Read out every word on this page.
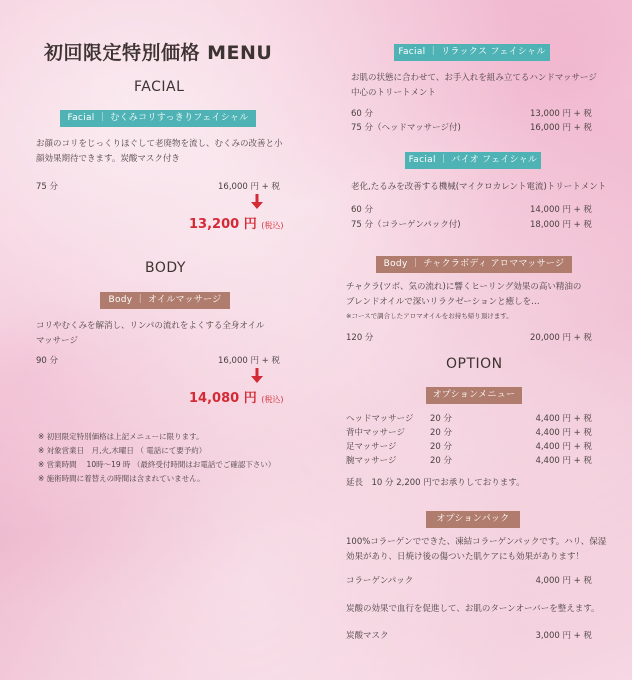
初回限定特別価格 MENU
FACIAL
Facial ｜ むくみコリすっきりフェイシャル
お顔のコリをじっくりほぐして老廃物を流し、むくみの改善と小
顔効果期待できます。炭酸マスク付き
75 分	16,000 円 + 税
13,200 円 (税込)
BODY
Body ｜ オイルマッサージ
コリやむくみを解消し、リンパの流れをよくする全身オイル
マッサージ
90 分	16,000 円 + 税
14,080 円 (税込)
※ 初回限定特別価格は上記メニューに限ります。
※ 対象営業日　月,火,木曜日 （ 電話にて要予約）
※ 営業時間　 10時～19 時 （最終受付時間はお電話でご確認下さい）
※ 施術時間に着替えの時間は含まれていません。
Facial ｜ リラックス フェイシャル
お肌の状態に合わせて、お手入れを組み立てるハンドマッサージ
中心のトリートメント
60 分	13,000 円 + 税
75 分（ヘッドマッサージ付)	16,000 円 + 税
Facial ｜ バイオ フェイシャル
老化,たるみを改善する機械(マイクロカレント電流)トリートメント
60 分	14,000 円 + 税
75 分（コラーゲンパック付)	18,000 円 + 税
Body ｜ チャクラボディ アロママッサージ
チャクラ(ツボ、気の流れ)に響くヒーリング効果の高い精油の
ブレンドオイルで深いリラクゼーションと癒しを…
※コースで調合したアロマオイルをお持ち帰り頂けます。
120 分	20,000 円 + 税
OPTION
オプションメニュー
ヘッドマッサージ 20 分	4,400 円 + 税
背中マッサージ	20 分	4,400 円 + 税
足マッサージ	20 分	4,400 円 + 税
腕マッサージ	20 分	4,400 円 + 税
延長　10 分 2,200 円でお承りしております。
オプションパック
100%コラーゲンでできた、凍結コラーゲンパックです。ハリ、保湿
効果があり、日焼け後の傷ついた肌ケアにも効果があります！
コラーゲンパック	4,000 円 + 税
炭酸の効果で血行を促進して、お肌のターンオーバーを整えます。
炭酸マスク	3,000 円 + 税
